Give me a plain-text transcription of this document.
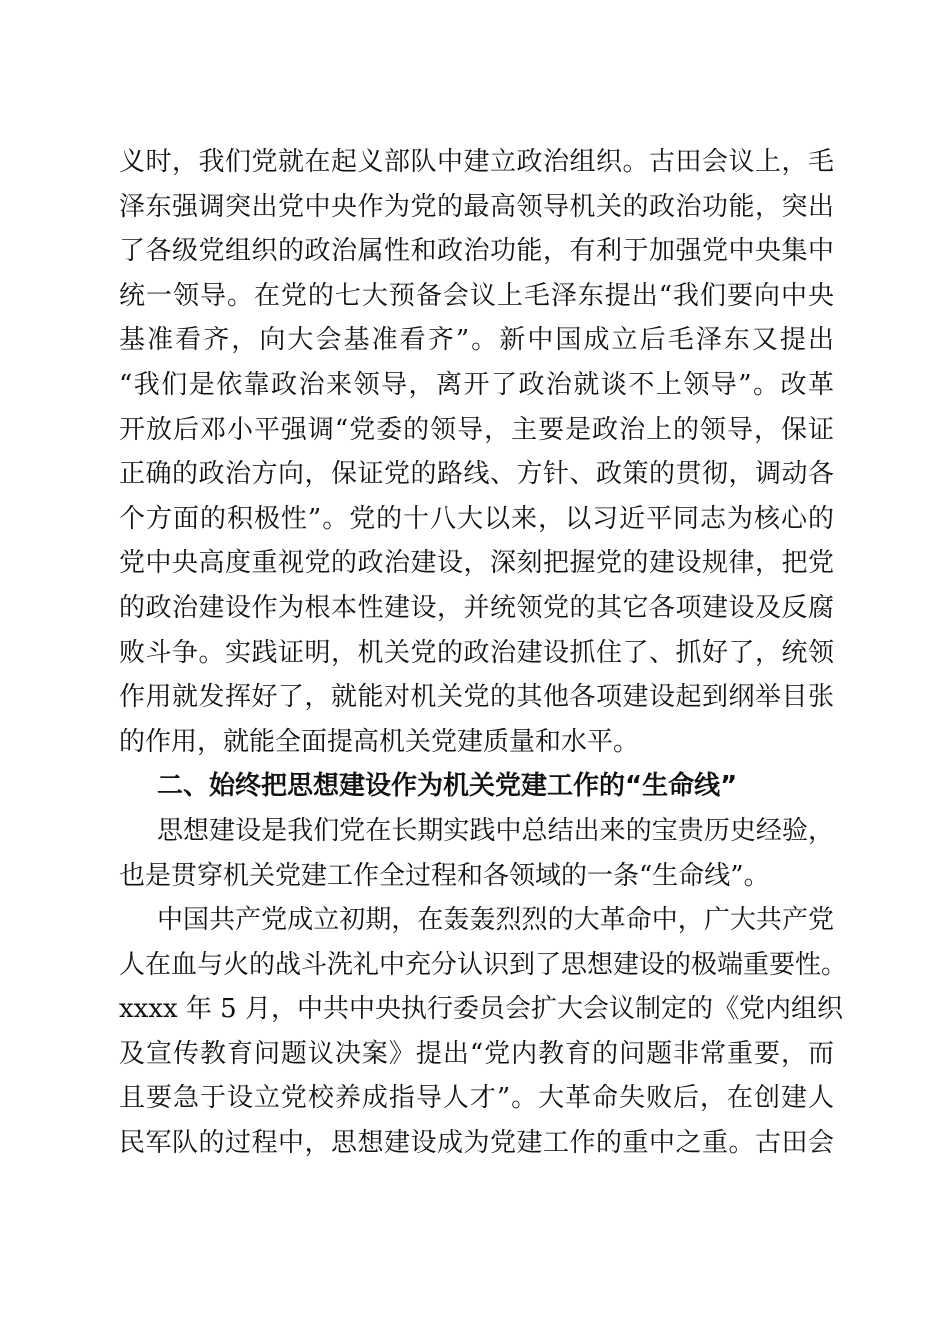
义时，我们党就在起义部队中建立政治组织。古田会议上，毛
泽东强调突出党中央作为党的最高领导机关的政治功能，突出
了各级党组织的政治属性和政治功能，有利于加强党中央集中
统一领导。在党的七大预备会议上毛泽东提出“我们要向中央
基准看齐，向大会基准看齐”。新中国成立后毛泽东又提出
“我们是依靠政治来领导，离开了政治就谈不上领导”。改革
开放后邓小平强调“党委的领导，主要是政治上的领导，保证
正确的政治方向，保证党的路线、方针、政策的贯彻，调动各
个方面的积极性”。党的十八大以来，以习近平同志为核心的
党中央高度重视党的政治建设，深刻把握党的建设规律，把党
的政治建设作为根本性建设，并统领党的其它各项建设及反腐
败斗争。实践证明，机关党的政治建设抓住了、抓好了，统领
作用就发挥好了，就能对机关党的其他各项建设起到纲举目张
的作用，就能全面提高机关党建质量和水平。
二、始终把思想建设作为机关党建工作的“生命线”
思想建设是我们党在长期实践中总结出来的宝贵历史经验，
也是贯穿机关党建工作全过程和各领域的一条“生命线”。
中国共产党成立初期，在轰轰烈烈的大革命中，广大共产党
人在血与火的战斗洗礼中充分认识到了思想建设的极端重要性。
xxxx 年 5 月，中共中央执行委员会扩大会议制定的《党内组织
及宣传教育问题议决案》提出“党内教育的问题非常重要，而
且要急于设立党校养成指导人才”。大革命失败后，在创建人
民军队的过程中，思想建设成为党建工作的重中之重。古田会
